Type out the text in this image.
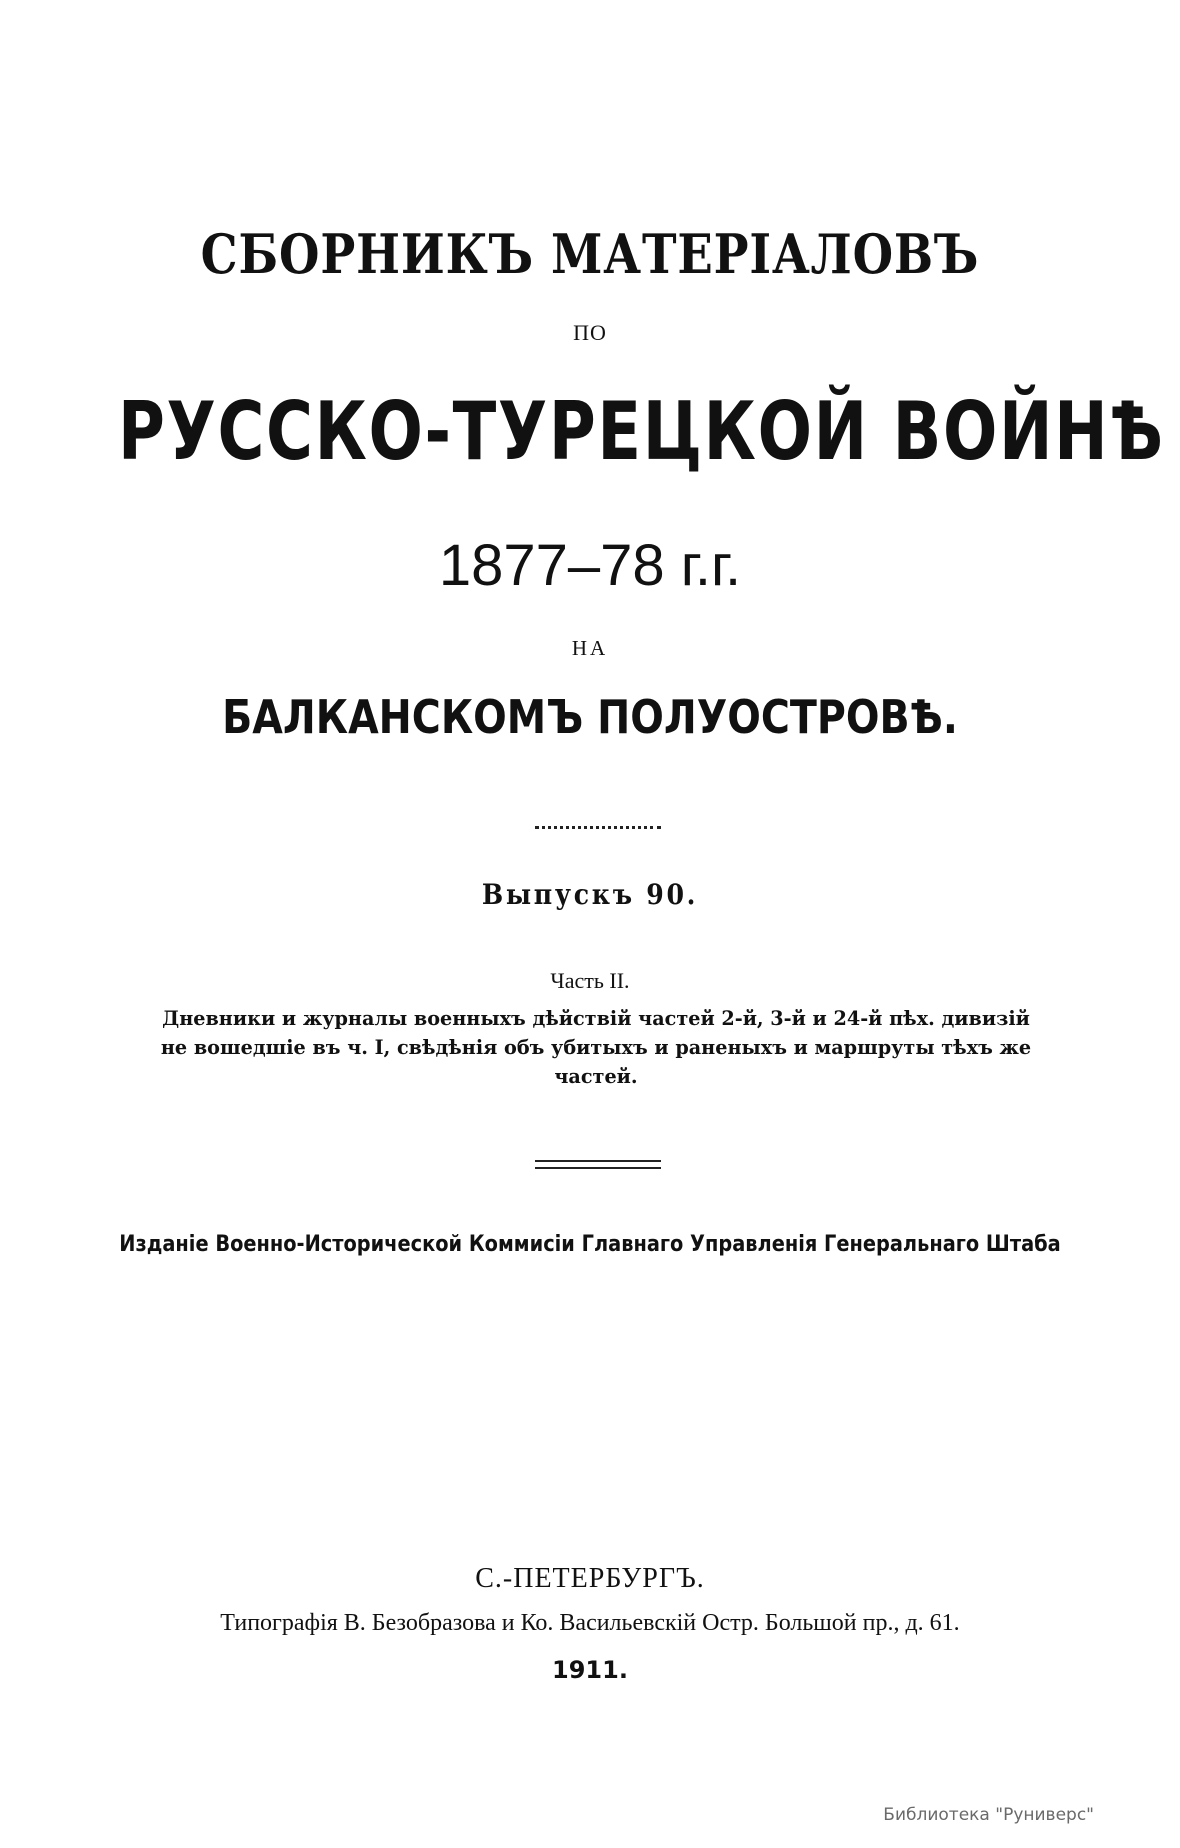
СБОРНИКЪ МАТЕРІАЛОВЪ
ПО
РУССКО-ТУРЕЦКОЙ ВОЙНѢ
1877–78 г.г.
НА
БАЛКАНСКОМЪ ПОЛУОСТРОВѢ.
Выпускъ 90.
Часть II.
Дневники и журналы военныхъ дѣйствій частей 2-й, 3-й и 24-й пѣх. дивизій не вошедшіе въ ч. I, свѣдѣнія объ убитыхъ и раненыхъ и маршруты тѣхъ же частей.
Изданіе Военно-Исторической Коммисіи Главнаго Управленія Генеральнаго Штаба
С.-ПЕТЕРБУРГЪ.
Типографія В. Безобразова и Ко. Васильевскій Остр. Большой пр., д. 61.
1911.
Библиотека "Руниверс"
